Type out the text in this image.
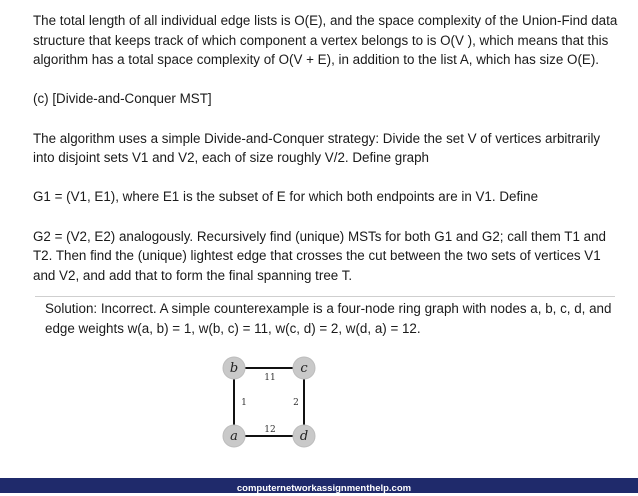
The total length of all individual edge lists is O(E), and the space complexity of the Union-Find data structure that keeps track of which component a vertex belongs to is O(V ), which means that this algorithm has a total space complexity of O(V + E), in addition to the list A, which has size O(E).

(c) [Divide-and-Conquer MST]

The algorithm uses a simple Divide-and-Conquer strategy: Divide the set V of vertices arbitrarily into disjoint sets V1 and V2, each of size roughly V/2. Define graph

G1 = (V1, E1), where E1 is the subset of E for which both endpoints are in V1. Define

G2 = (V2, E2) analogously. Recursively find (unique) MSTs for both G1 and G2; call them T1 and T2. Then find the (unique) lightest edge that crosses the cut between the two sets of vertices V1 and V2, and add that to form the final spanning tree T.

Solution: Incorrect. A simple counterexample is a four-node ring graph with nodes a, b, c, d, and edge weights w(a, b) = 1, w(b, c) = 11, w(c, d) = 2, w(d, a) = 12.
11
2
12
1
b	c
a	d
computernetworkassignmenthelp.com
